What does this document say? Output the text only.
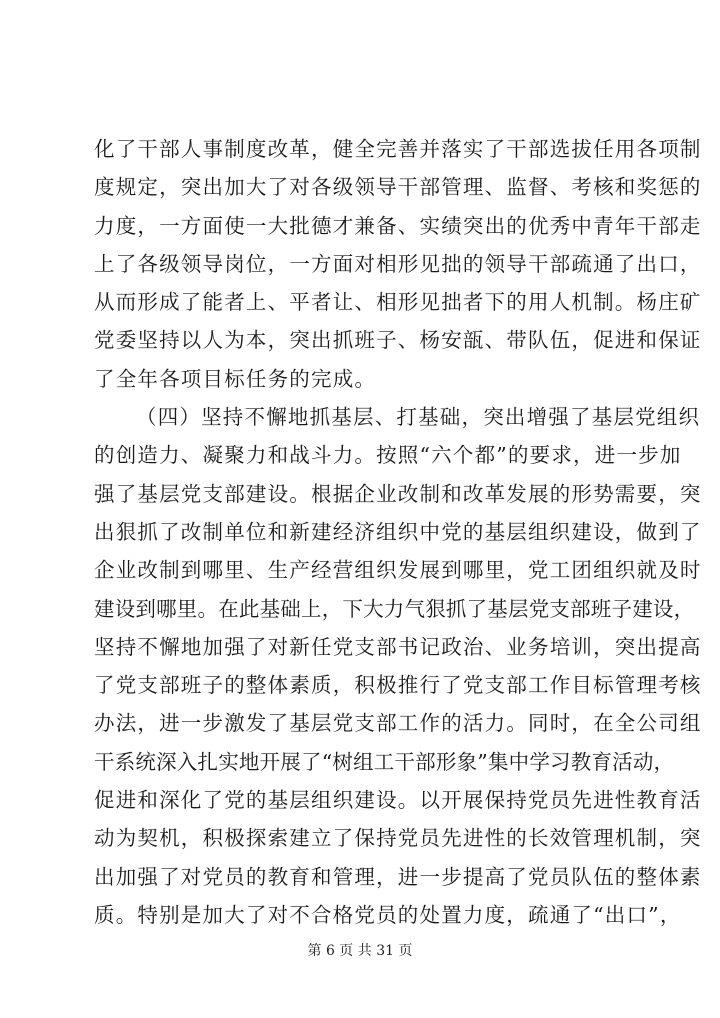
化了干部人事制度改革，健全完善并落实了干部选拔任用各项制
度规定，突出加大了对各级领导干部管理、监督、考核和奖惩的
力度，一方面使一大批德才兼备、实绩突出的优秀中青年干部走
上了各级领导岗位，一方面对相形见拙的领导干部疏通了出口，
从而形成了能者上、平者让、相形见拙者下的用人机制。杨庄矿
党委坚持以人为本，突出抓班子、杨安瓿、带队伍，促进和保证
了全年各项目标任务的完成。
（四）坚持不懈地抓基层、打基础，突出增强了基层党组织
的创造力、凝聚力和战斗力。按照“六个都”的要求，进一步加
强了基层党支部建设。根据企业改制和改革发展的形势需要，突
出狠抓了改制单位和新建经济组织中党的基层组织建设，做到了
企业改制到哪里、生产经营组织发展到哪里，党工团组织就及时
建设到哪里。在此基础上，下大力气狠抓了基层党支部班子建设，
坚持不懈地加强了对新任党支部书记政治、业务培训，突出提高
了党支部班子的整体素质，积极推行了党支部工作目标管理考核
办法，进一步激发了基层党支部工作的活力。同时，在全公司组
干系统深入扎实地开展了“树组工干部形象”集中学习教育活动，
促进和深化了党的基层组织建设。以开展保持党员先进性教育活
动为契机，积极探索建立了保持党员先进性的长效管理机制，突
出加强了对党员的教育和管理，进一步提高了党员队伍的整体素
质。特别是加大了对不合格党员的处置力度，疏通了“出口”，
第 6 页 共 31 页
